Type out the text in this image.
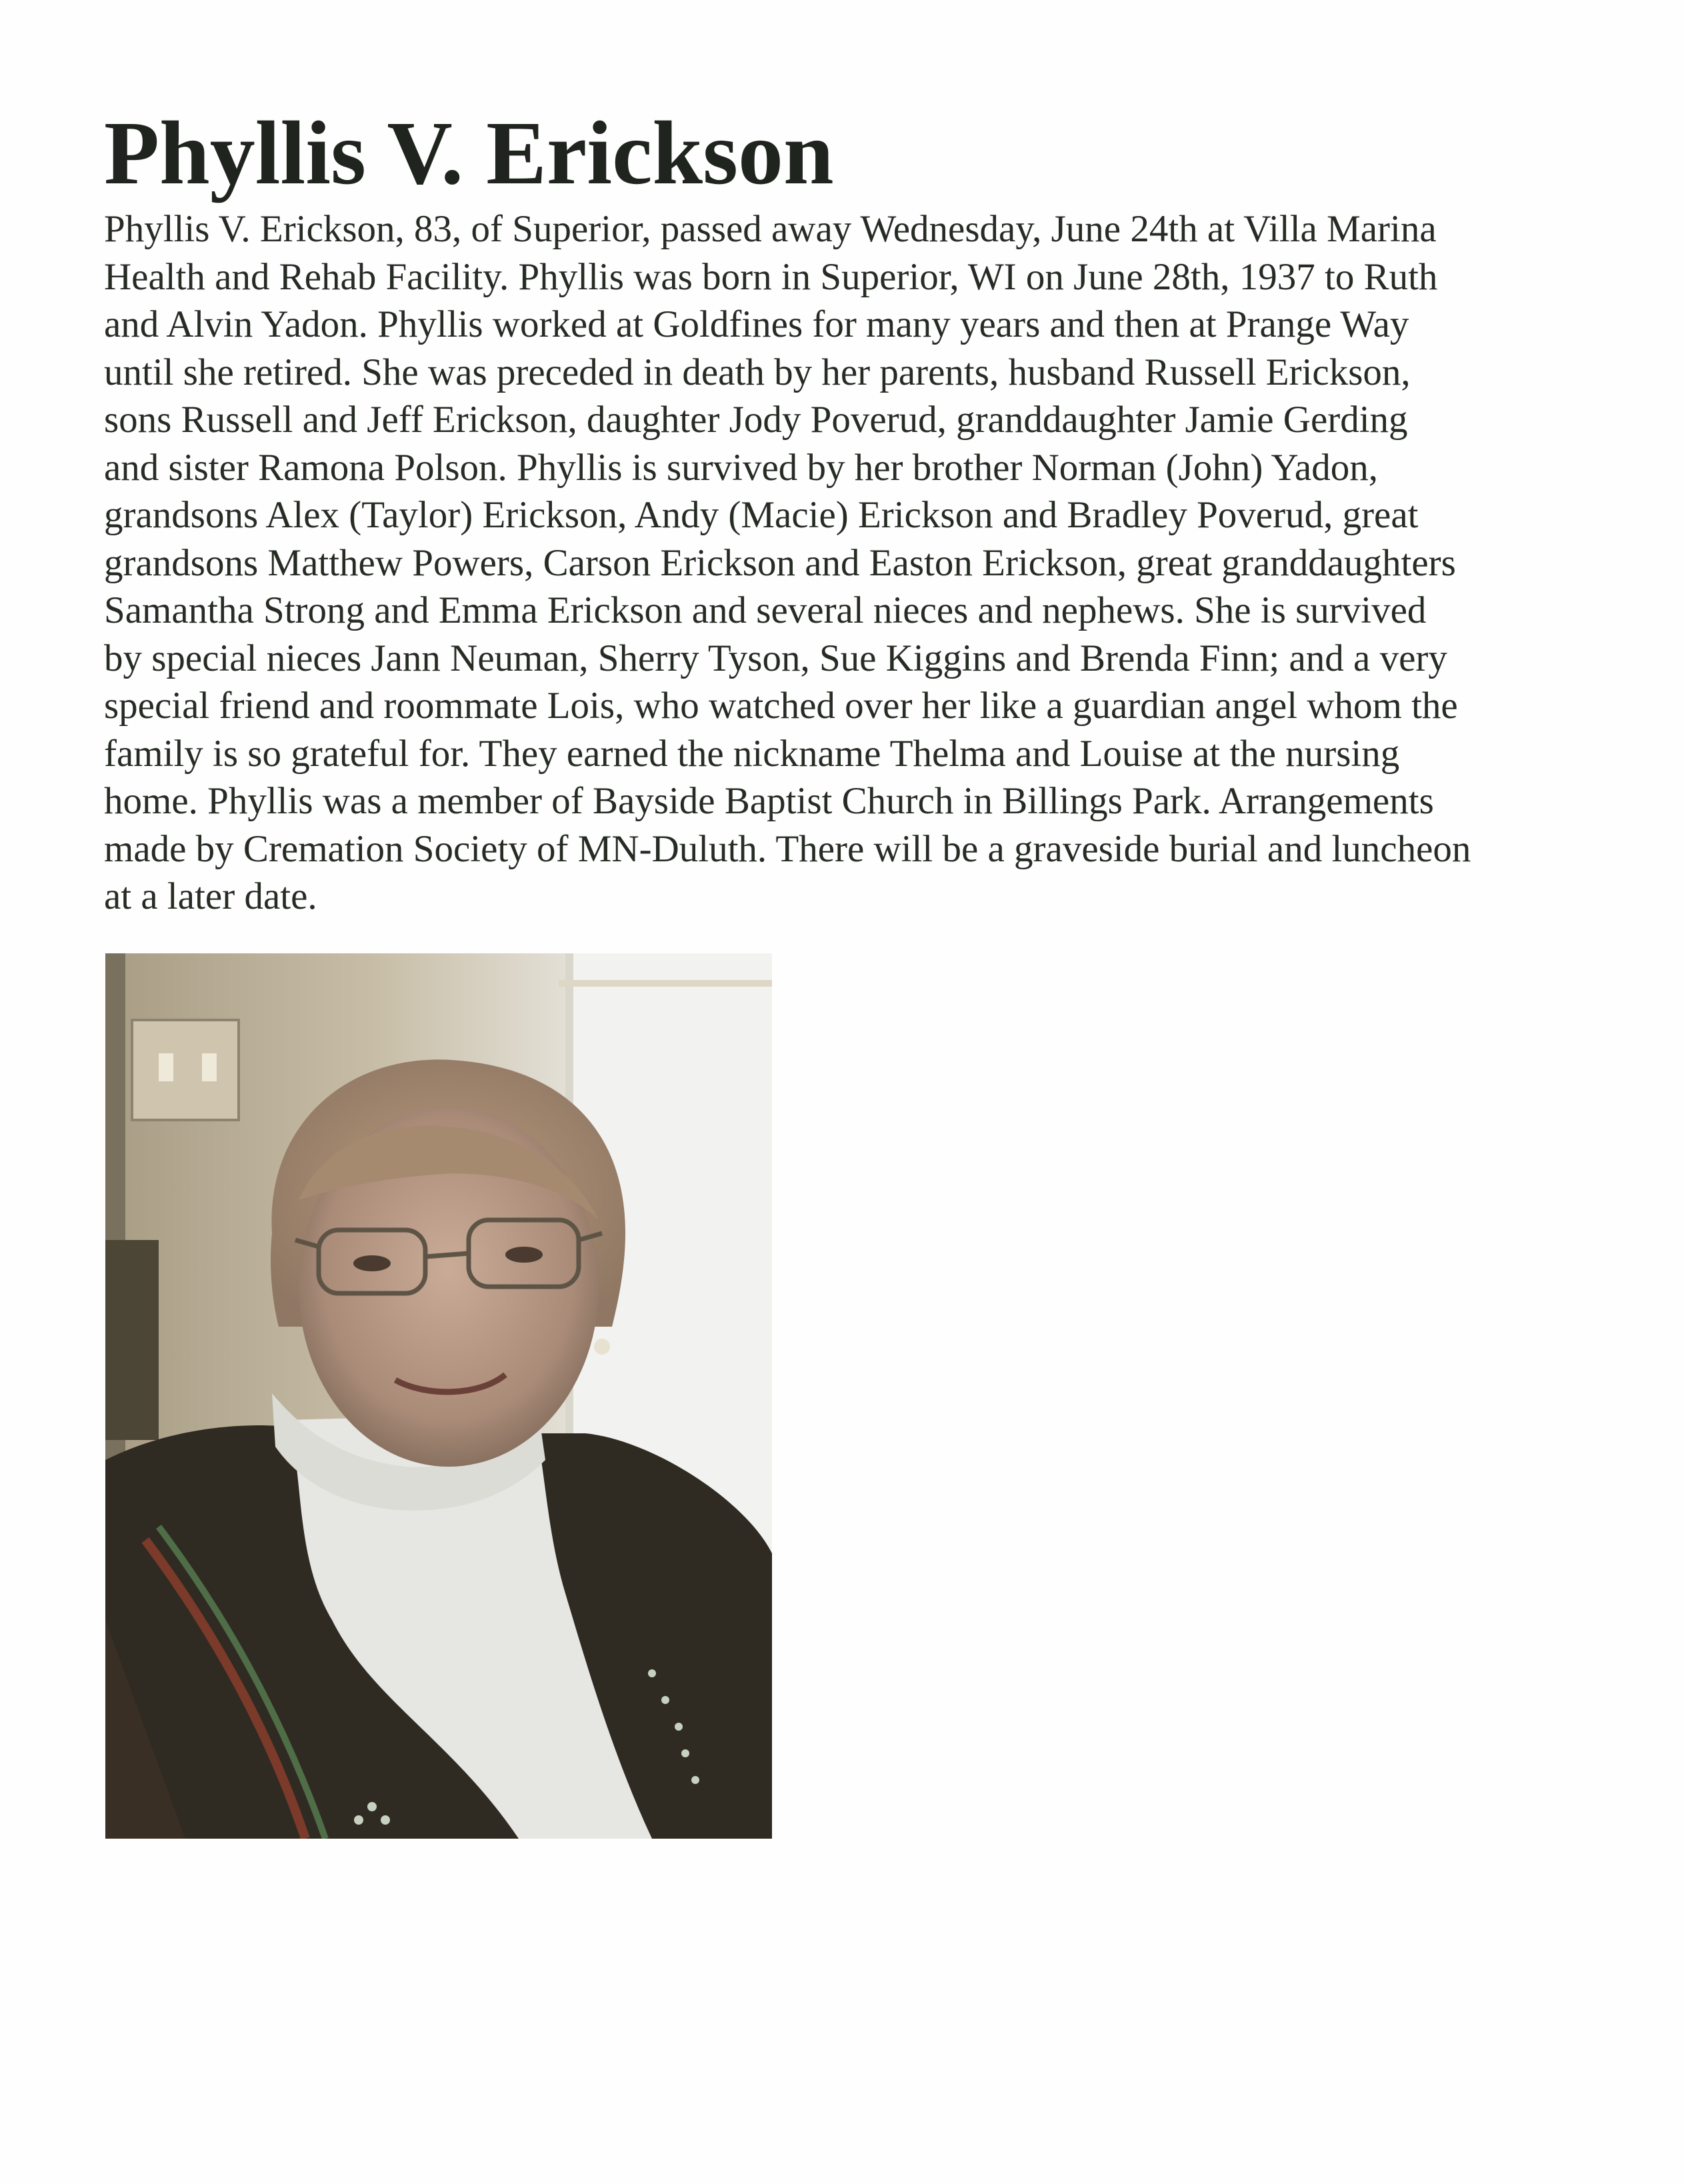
Phyllis V. Erickson
Phyllis V. Erickson, 83, of Superior, passed away Wednesday, June 24th at Villa Marina
Health and Rehab Facility. Phyllis was born in Superior, WI on June 28th, 1937 to Ruth
and Alvin Yadon. Phyllis worked at Goldfines for many years and then at Prange Way
until she retired. She was preceded in death by her parents, husband Russell Erickson,
sons Russell and Jeff Erickson, daughter Jody Poverud, granddaughter Jamie Gerding
and sister Ramona Polson. Phyllis is survived by her brother Norman (John) Yadon,
grandsons Alex (Taylor) Erickson, Andy (Macie) Erickson and Bradley Poverud, great
grandsons Matthew Powers, Carson Erickson and Easton Erickson, great granddaughters
Samantha Strong and Emma Erickson and several nieces and nephews. She is survived
by special nieces Jann Neuman, Sherry Tyson, Sue Kiggins and Brenda Finn; and a very
special friend and roommate Lois, who watched over her like a guardian angel whom the
family is so grateful for. They earned the nickname Thelma and Louise at the nursing
home. Phyllis was a member of Bayside Baptist Church in Billings Park. Arrangements
made by Cremation Society of MN-Duluth. There will be a graveside burial and luncheon
at a later date.
